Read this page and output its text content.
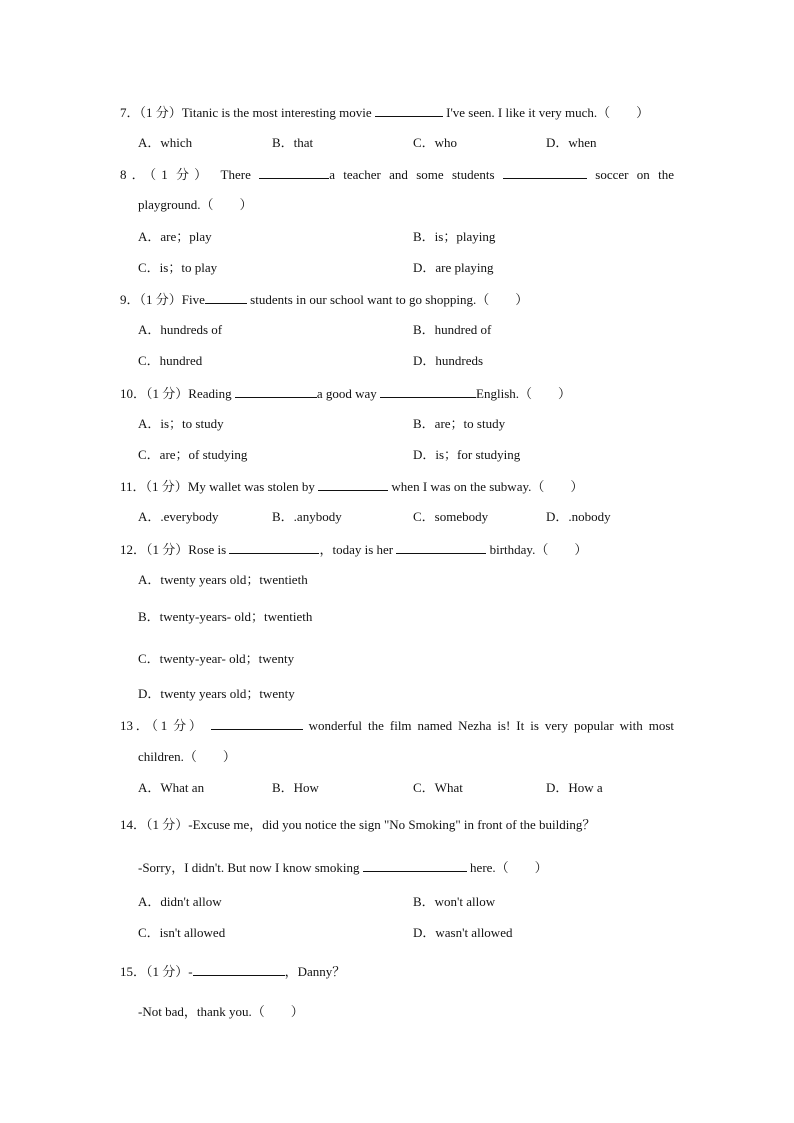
7．（1 分）Titanic is the most interesting movie	I've seen. I like it very much.（　　）
A．which	B．that	C．who	D．when
8．（1 分） There	a teacher and some students	soccer on the
playground.（　　）
A．are；play	B．is；playing
C．is；to play	D．are playing
9．（1 分）Five	students in our school want to go shopping.（　　）
A．hundreds of	B．hundred of
C．hundred	D．hundreds
10．（1 分）Reading	a good way	English.（　　）
A．is；to study	B．are；to study
C．are；of studying	D．is；for studying
11．（1 分）My wallet was stolen by	when I was on the subway.（　　）
A．.everybody	B．.anybody	C．somebody	D．.nobody
12．（1 分）Rose is	，today is her	birthday.（　　）
A．twenty years old；twentieth
B．twenty-years- old；twentieth
C．twenty-year- old；twenty
D．twenty years old；twenty
13．（1 分）	wonderful the film named Nezha is! It is very popular with most
children.（　　）
A．What an	B．How	C．What	D．How a
14．（1 分）-Excuse me，did you notice the sign "No Smoking" in front of the building？
-Sorry，I didn't. But now I know smoking	here.（　　）
A．didn't allow	B．won't allow
C．isn't allowed	D．wasn't allowed
15．（1 分）-	，Danny？
-Not bad，thank you.（　　）
